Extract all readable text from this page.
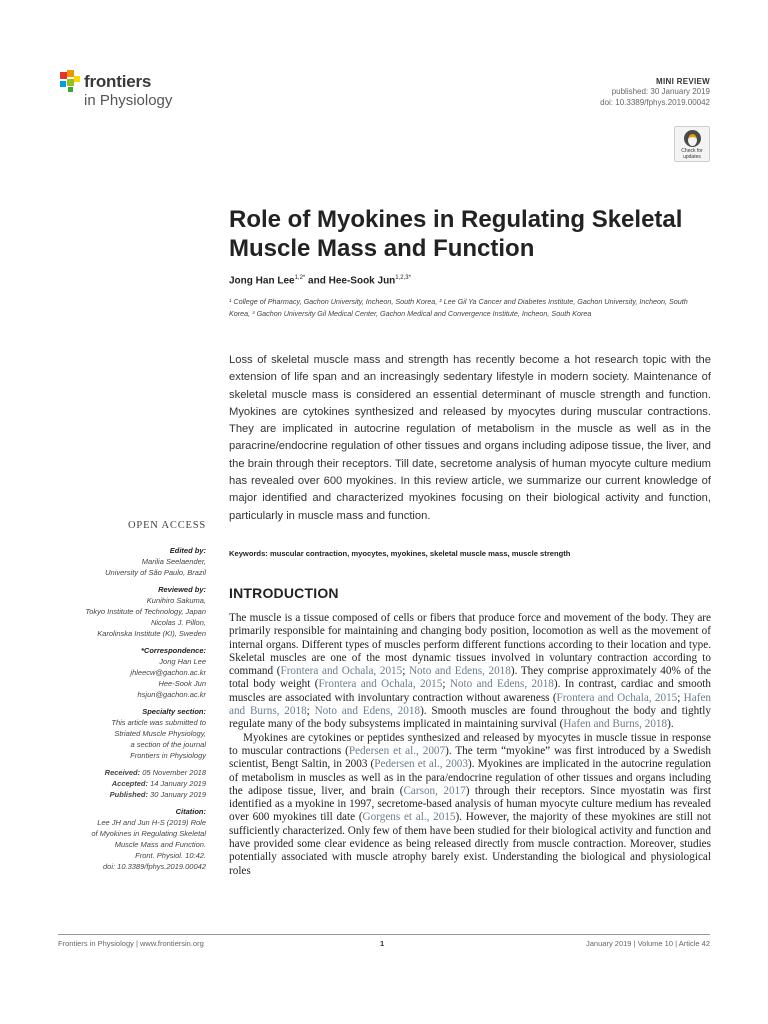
frontiers
in Physiology
MINI REVIEW
published: 30 January 2019
doi: 10.3389/fphys.2019.00042
Check for updates
Role of Myokines in Regulating Skeletal Muscle Mass and Function
Jong Han Lee$^{1,2*}$ and Hee-Sook Jun$^{1,2,3*}$
¹ College of Pharmacy, Gachon University, Incheon, South Korea, ² Lee Gil Ya Cancer and Diabetes Institute, Gachon University, Incheon, South Korea, ³ Gachon University Gil Medical Center, Gachon Medical and Convergence Institute, Incheon, South Korea
Loss of skeletal muscle mass and strength has recently become a hot research topic with the extension of life span and an increasingly sedentary lifestyle in modern society. Maintenance of skeletal muscle mass is considered an essential determinant of muscle strength and function. Myokines are cytokines synthesized and released by myocytes during muscular contractions. They are implicated in autocrine regulation of metabolism in the muscle as well as in the paracrine/endocrine regulation of other tissues and organs including adipose tissue, the liver, and the brain through their receptors. Till date, secretome analysis of human myocyte culture medium has revealed over 600 myokines. In this review article, we summarize our current knowledge of major identified and characterized myokines focusing on their biological activity and function, particularly in muscle mass and function.
Keywords: muscular contraction, myocytes, myokines, skeletal muscle mass, muscle strength
OPEN ACCESS
Edited by:
Marilia Seelaender,
University of São Paulo, Brazil
Reviewed by:
Kunihiro Sakuma,
Tokyo Institute of Technology, Japan
Nicolas J. Pillon,
Karolinska Institute (KI), Sweden
*Correspondence:
Jong Han Lee
jhleecw@gachon.ac.kr
Hee-Sook Jun
hsjun@gachon.ac.kr
Specialty section:
This article was submitted to
Striated Muscle Physiology,
a section of the journal
Frontiers in Physiology
Received: 05 November 2018
Accepted: 14 January 2019
Published: 30 January 2019
Citation:
Lee JH and Jun H-S (2019) Role
of Myokines in Regulating Skeletal
Muscle Mass and Function.
Front. Physiol. 10:42.
doi: 10.3389/fphys.2019.00042
INTRODUCTION

The muscle is a tissue composed of cells or fibers that produce force and movement of the body. They are primarily responsible for maintaining and changing body position, locomotion as well as the movement of internal organs. Different types of muscles perform different functions according to their location and type. Skeletal muscles are one of the most dynamic tissues involved in voluntary contraction according to command (Frontera and Ochala, 2015; Noto and Edens, 2018). They comprise approximately 40% of the total body weight (Frontera and Ochala, 2015; Noto and Edens, 2018). In contrast, cardiac and smooth muscles are associated with involuntary contraction without awareness (Frontera and Ochala, 2015; Hafen and Burns, 2018; Noto and Edens, 2018). Smooth muscles are found throughout the body and tightly regulate many of the body subsystems implicated in maintaining survival (Hafen and Burns, 2018).

Myokines are cytokines or peptides synthesized and released by myocytes in muscle tissue in response to muscular contractions (Pedersen et al., 2007). The term “myokine” was first introduced by a Swedish scientist, Bengt Saltin, in 2003 (Pedersen et al., 2003). Myokines are implicated in the autocrine regulation of metabolism in muscles as well as in the para/endocrine regulation of other tissues and organs including the adipose tissue, liver, and brain (Carson, 2017) through their receptors. Since myostatin was first identified as a myokine in 1997, secretome-based analysis of human myocyte culture medium has revealed over 600 myokines till date (Gorgens et al., 2015). However, the majority of these myokines are still not sufficiently characterized. Only few of them have been studied for their biological activity and function and have provided some clear evidence as being released directly from muscle contraction. Moreover, studies potentially associated with muscle atrophy barely exist. Understanding the biological and physiological roles

Frontiers in Physiology | www.frontiersin.org	1	January 2019 | Volume 10 | Article 42
